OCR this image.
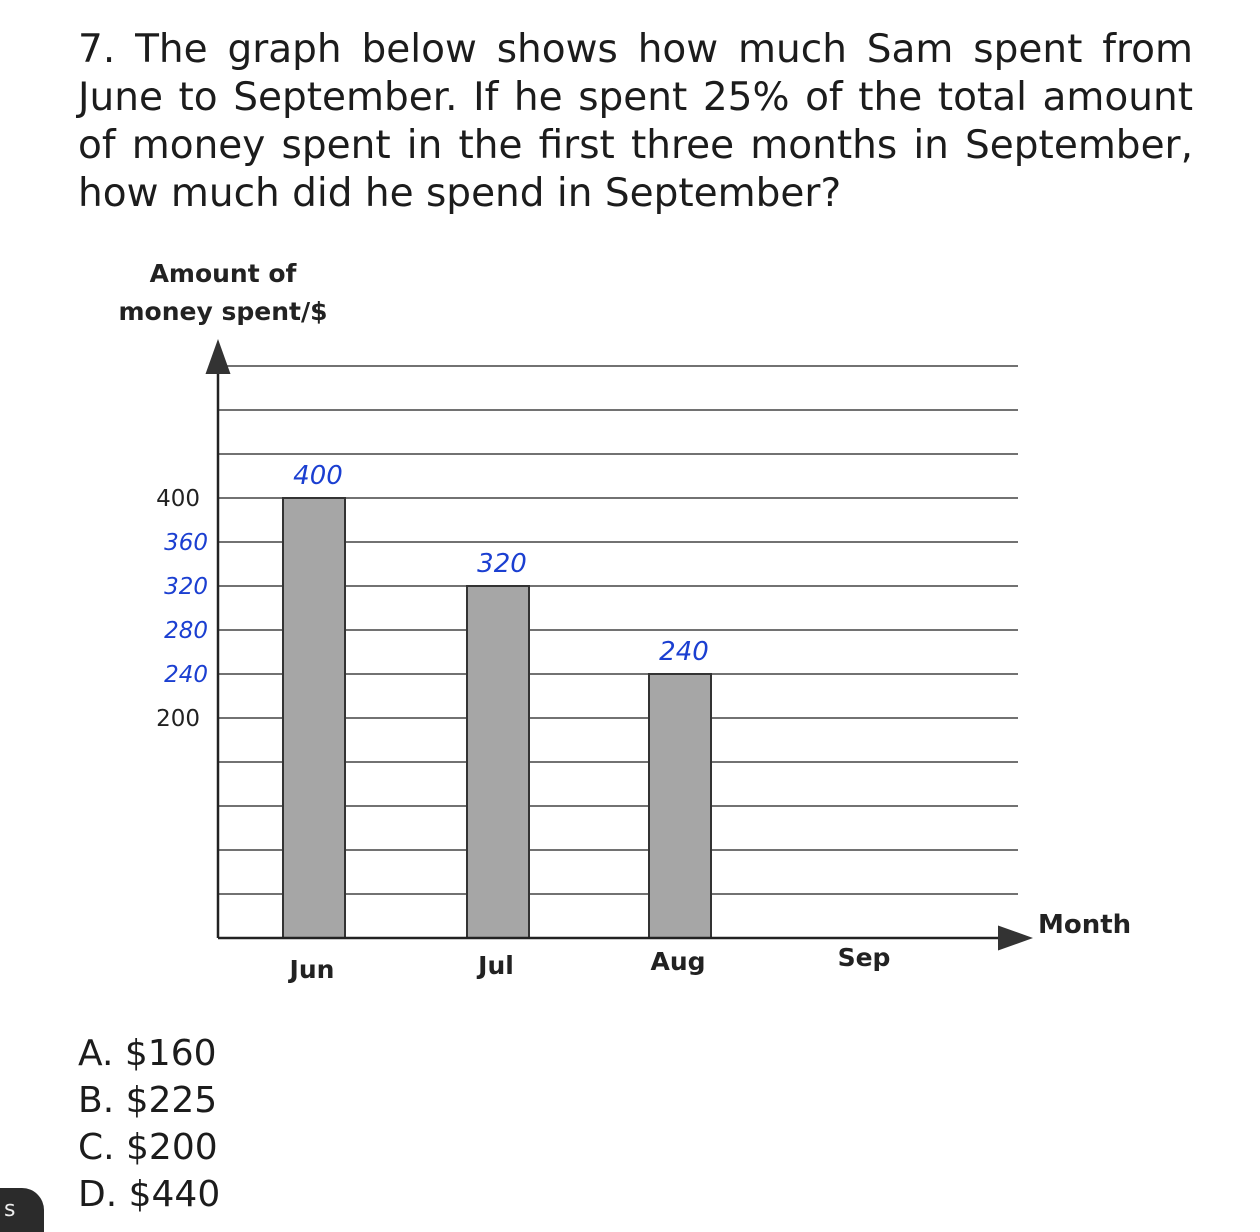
7. The graph below shows how much Sam spent from June to September. If he spent 25% of the total amount of money spent in the first three months in September, how much did he spend in September?

Amount of
money spent/$
400
200
360
320
280
240
400
320
240
Jun	Jul	Aug	Sep
Month
A. $160
B. $225
C. $200
D. $440
s
